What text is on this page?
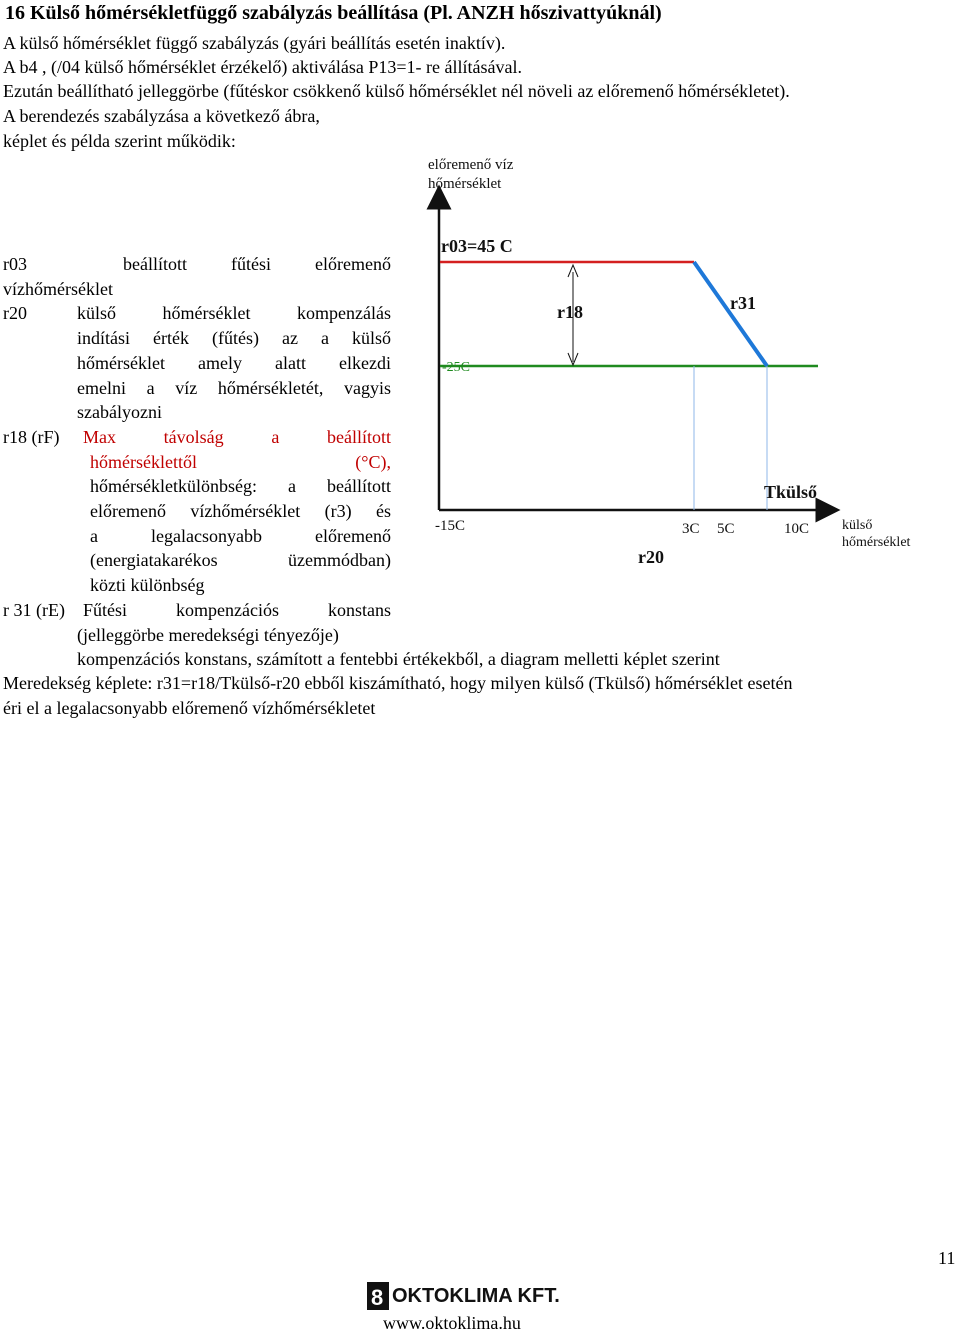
16 Külső hőmérsékletfüggő szabályzás beállítása (Pl. ANZH hőszivattyúknál)
A külső hőmérséklet függő szabályzás (gyári beállítás esetén inaktív).
A b4 , (/04 külső hőmérséklet érzékelő) aktiválása P13=1- re állításával.
Ezután beállítható jelleggörbe (fűtéskor csökkenő külső hőmérséklet nél növeli az előremenő hőmérsékletet).
A berendezés szabályzása a következő ábra,
képlet és példa szerint működik:
r03	beállított fűtési előremenő
vízhőmérséklet
r20	külső hőmérséklet kompenzálás
indítási érték (fűtés) az a külső
hőmérséklet amely alatt elkezdi
emelni a víz hőmérsékletét, vagyis
szabályozni
r18 (rF)	Max távolság a beállított
hőmérséklettől (°C),
hőmérsékletkülönbség: a beállított
előremenő vízhőmérséklet (r3) és
a legalacsonyabb előremenő
(energiatakarékos üzemmódban)
közti különbség
r 31 (rE)	Fűtési kompenzációs konstans
(jelleggörbe meredekségi tényezője)
kompenzációs konstans, számított a fentebbi értékekből, a diagram melletti képlet szerint
Meredekség képlete: r31=r18/Tkülső-r20 ebből kiszámítható, hogy milyen külső (Tkülső) hőmérséklet esetén
éri el a legalacsonyabb előremenő vízhőmérsékletet
előremenő víz
hőmérséklet
r03=45 C
-25C
r18	r31
Tkülső
-15C	3C 5C	10C külső
hőmérséklet
r20
11
8 OKTOKLIMA KFT.
www.oktoklima.hu
